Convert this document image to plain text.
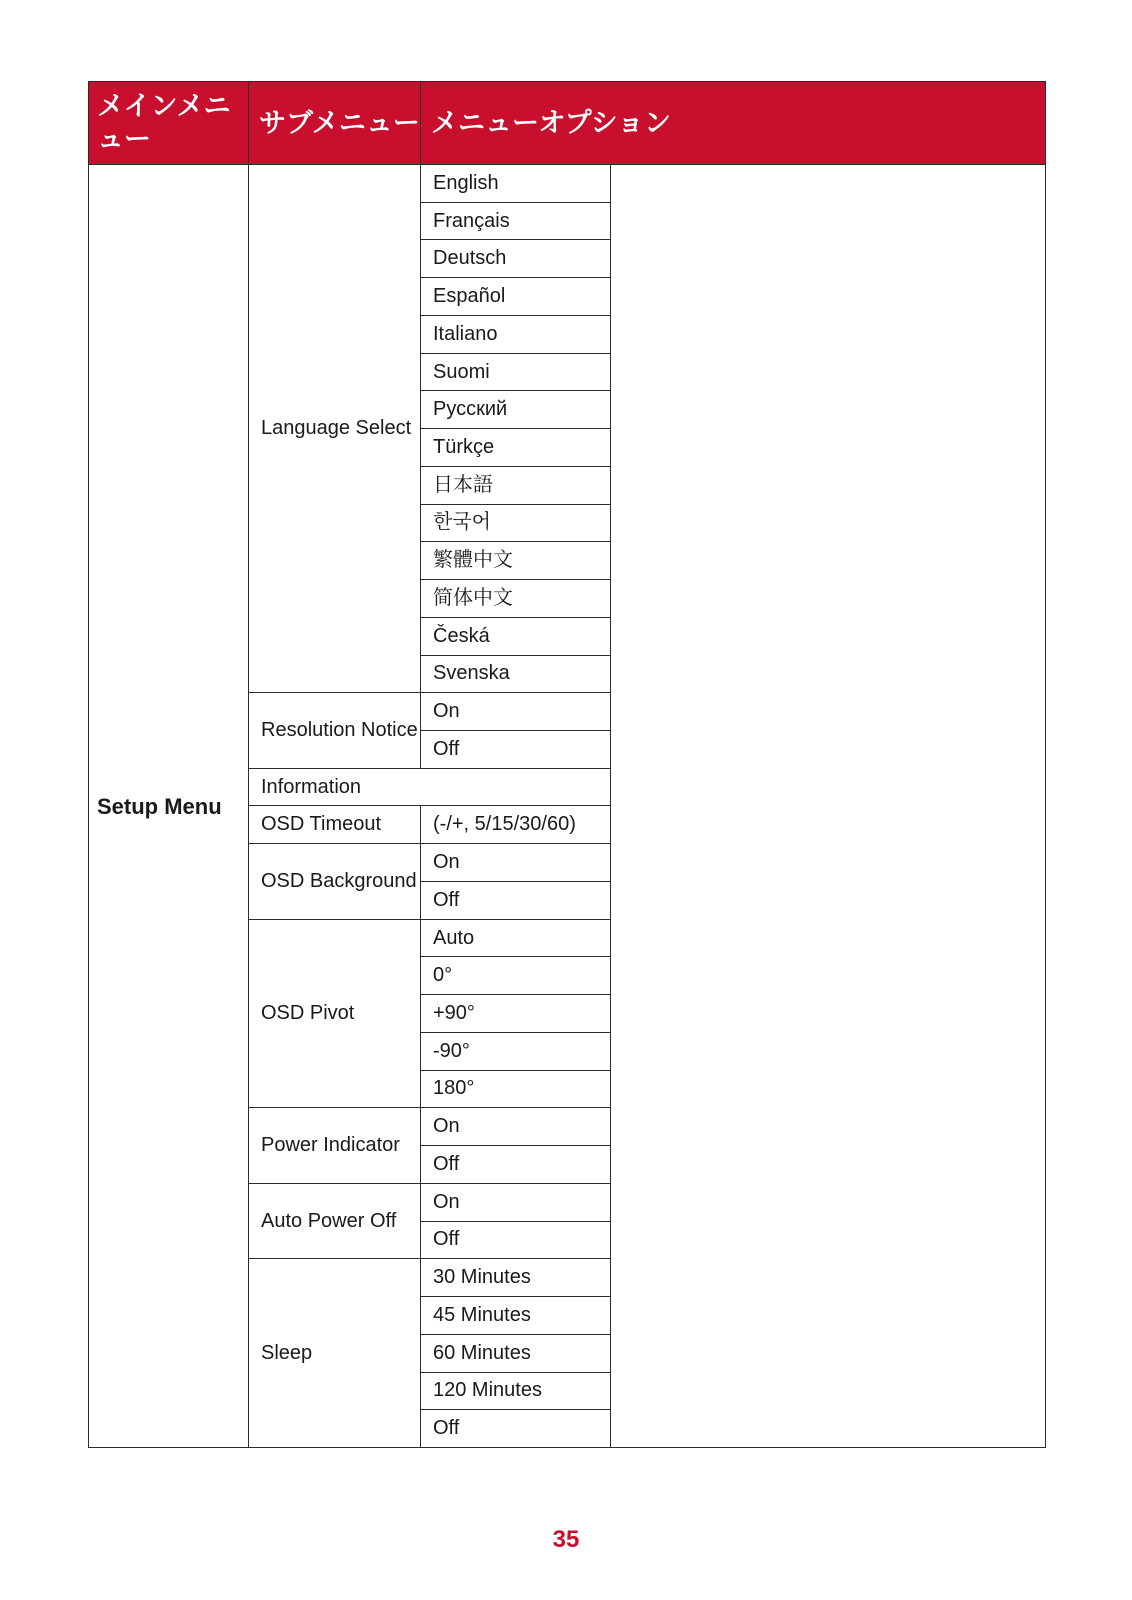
メインメニュー	サブメニュー	メニューオプション	
Setup Menu	Language Select	English	
		Français	
		Deutsch	
		Español	
		Italiano	
		Suomi	
		Русский	
		Türkçe	
		日本語	
		한국어	
		繁體中文	
		简体中文	
		Česká	
		Svenska	
	Resolution Notice	On	
		Off	
	Information		
	OSD Timeout	(-/+, 5/15/30/60)	
	OSD Background	On	
		Off	
	OSD Pivot	Auto	
		0°	
		+90°	
		-90°	
		180°	
	Power Indicator	On	
		Off	
	Auto Power Off	On	
		Off	
	Sleep	30 Minutes	
		45 Minutes	
		60 Minutes	
		120 Minutes	
		Off	
35
